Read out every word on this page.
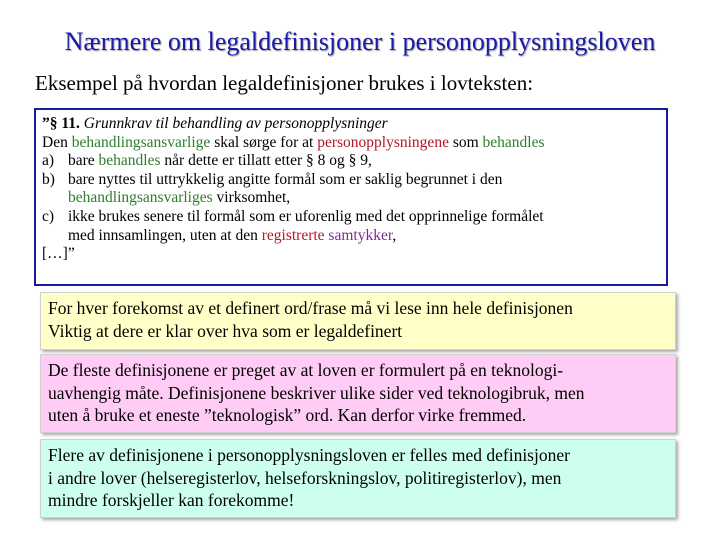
Nærmere om legaldefinisjoner i personopplysningsloven
Eksempel på hvordan legaldefinisjoner brukes i lovteksten:
”§ 11. Grunnkrav til behandling av personopplysninger
Den behandlingsansvarlige skal sørge for at personopplysningene som behandles
a) bare behandles når dette er tillatt etter § 8 og § 9,
b) bare nyttes til uttrykkelig angitte formål som er saklig begrunnet i den
behandlingsansvarliges virksomhet,
c) ikke brukes senere til formål som er uforenlig med det opprinnelige formålet
med innsamlingen, uten at den registrerte samtykker,
[…]”
For hver forekomst av et definert ord/frase må vi lese inn hele definisjonen
Viktig at dere er klar over hva som er legaldefinert
De fleste definisjonene er preget av at loven er formulert på en teknologi-
uavhengig måte. Definisjonene beskriver ulike sider ved teknologibruk, men
uten å bruke et eneste ”teknologisk” ord. Kan derfor virke fremmed.
Flere av definisjonene i personopplysningsloven er felles med definisjoner
i andre lover (helseregisterlov, helseforskningslov, politiregisterlov), men
mindre forskjeller kan forekomme!
